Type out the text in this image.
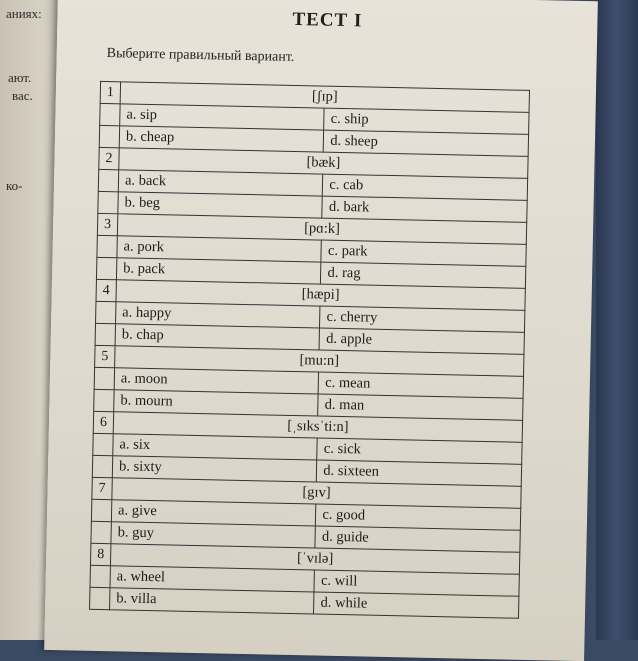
аниях:
ают.
вас.
ко-
ТЕСТ I
Выберите правильный вариант.
1	[ʃɪp]	
	a. sip	c. ship
	b. cheap	d. sheep
2	[bæk]	
	a. back	c. cab
	b. beg	d. bark
3	[pɑ:k]	
	a. pork	c. park
	b. pack	d. rag
4	[hæpi]	
	a. happy	c. cherry
	b. chap	d. apple
5	[mu:n]	
	a. moon	c. mean
	b. mourn	d. man
6	[ˌsɪksˈti:n]	
	a. six	c. sick
	b. sixty	d. sixteen
7	[gɪv]	
	a. give	c. good
	b. guy	d. guide
8	[ˈvɪlə]	
	a. wheel	c. will
	b. villa	d. while
